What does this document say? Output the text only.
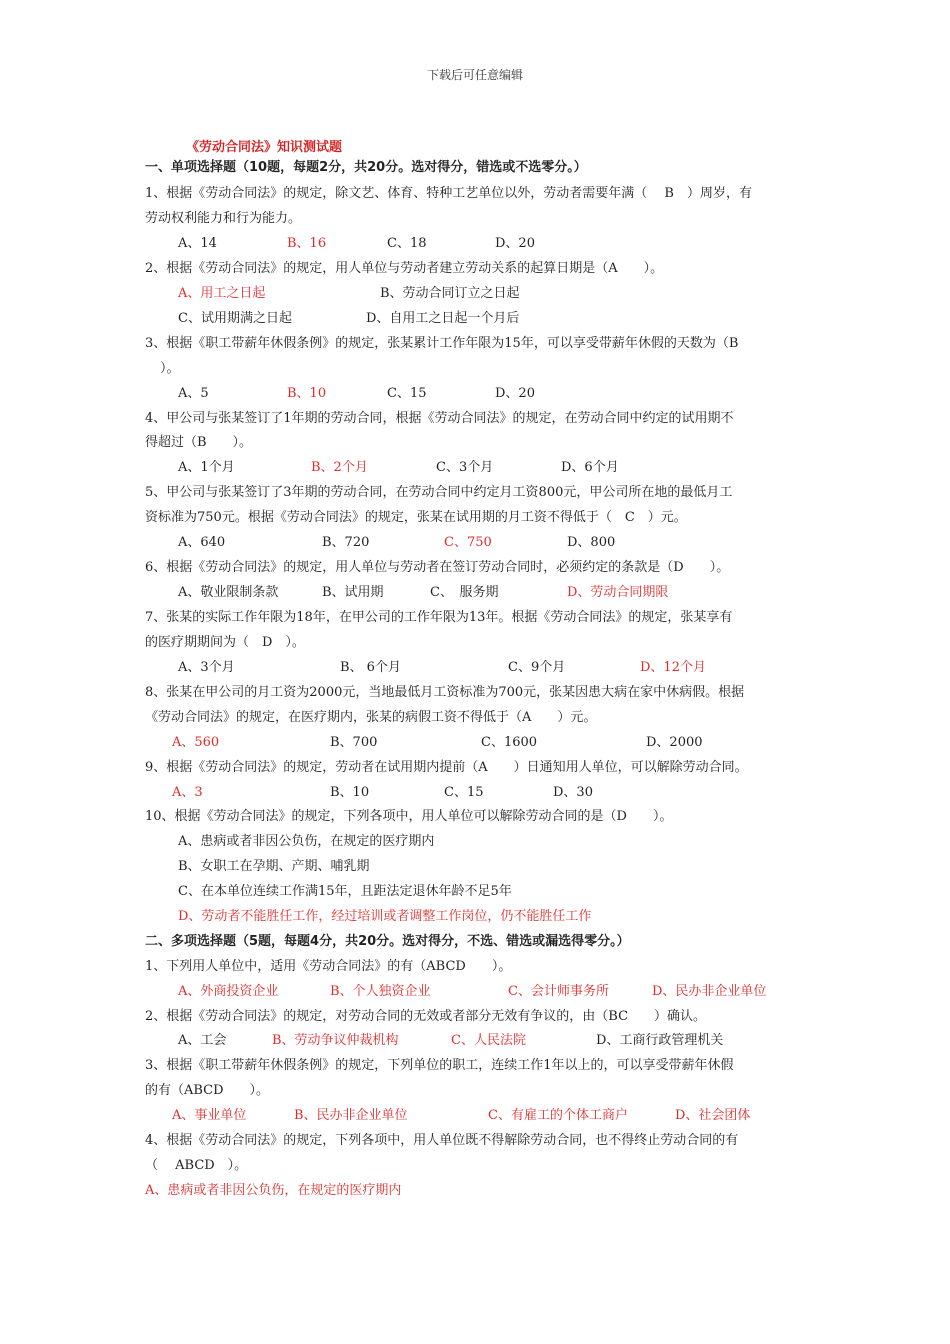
下载后可任意编辑
《劳动合同法》知识测试题
一、单项选择题（10题，每题2分，共20分。选对得分，错选或不选零分。）
1、根据《劳动合同法》的规定，除文艺、体育、特种工艺单位以外，劳动者需要年满（　 B　）周岁，有
劳动权利能力和行为能力。
A、14	B、16	C、18	D、20
2、根据《劳动合同法》的规定，用人单位与劳动者建立劳动关系的起算日期是（A　　）。
A、用工之日起	B、劳动合同订立之日起
C、试用期满之日起	D、自用工之日起一个月后
3、根据《职工带薪年休假条例》的规定，张某累计工作年限为15年，可以享受带薪年休假的天数为（B
）。
A、5	B、10	C、15	D、20
4、甲公司与张某签订了1年期的劳动合同，根据《劳动合同法》的规定，在劳动合同中约定的试用期不
得超过（B　　）。
A、1个月	B、2个月	C、3个月	D、6个月
5、甲公司与张某签订了3年期的劳动合同，在劳动合同中约定月工资800元，甲公司所在地的最低月工
资标准为750元。根据《劳动合同法》的规定，张某在试用期的月工资不得低于（　C　）元。
A、640	B、720	C、750	D、800
6、根据《劳动合同法》的规定，用人单位与劳动者在签订劳动合同时，必须约定的条款是（D　　）。
A、敬业限制条款	B、试用期	C、　服务期	D、劳动合同期限
7、张某的实际工作年限为18年，在甲公司的工作年限为13年。根据《劳动合同法》的规定，张某享有
的医疗期期间为（　D　）。
A、3个月	B、 6个月	C、9个月	D、12个月
8、张某在甲公司的月工资为2000元，当地最低月工资标准为700元，张某因患大病在家中休病假。根据
《劳动合同法》的规定，在医疗期内，张某的病假工资不得低于（A　　）元。
A、560	B、700	C、1600	D、2000
9、根据《劳动合同法》的规定，劳动者在试用期内提前（A　　）日通知用人单位，可以解除劳动合同。
A、3	B、10	C、15	D、30
10、根据《劳动合同法》的规定，下列各项中，用人单位可以解除劳动合同的是（D　　）。
A、患病或者非因公负伤，在规定的医疗期内
B、女职工在孕期、产期、哺乳期
C、在本单位连续工作满15年，且距法定退休年龄不足5年
D、劳动者不能胜任工作，经过培训或者调整工作岗位，仍不能胜任工作
二、多项选择题（5题，每题4分，共20分。选对得分，不选、错选或漏选得零分。）
1、下列用人单位中，适用《劳动合同法》的有（ABCD　　）。
A、外商投资企业	B、个人独资企业	C、会计师事务所	D、民办非企业单位
2、根据《劳动合同法》的规定，对劳动合同的无效或者部分无效有争议的，由（BC　　）确认。
A、工会	B、劳动争议仲裁机构	C、人民法院	D、工商行政管理机关
3、根据《职工带薪年休假条例》的规定，下列单位的职工，连续工作1年以上的，可以享受带薪年休假
的有（ABCD　　）。
A、事业单位	B、民办非企业单位	C、有雇工的个体工商户	D、社会团体
4、根据《劳动合同法》的规定，下列各项中，用人单位既不得解除劳动合同，也不得终止劳动合同的有
（　 ABCD　）。
A、患病或者非因公负伤，在规定的医疗期内
